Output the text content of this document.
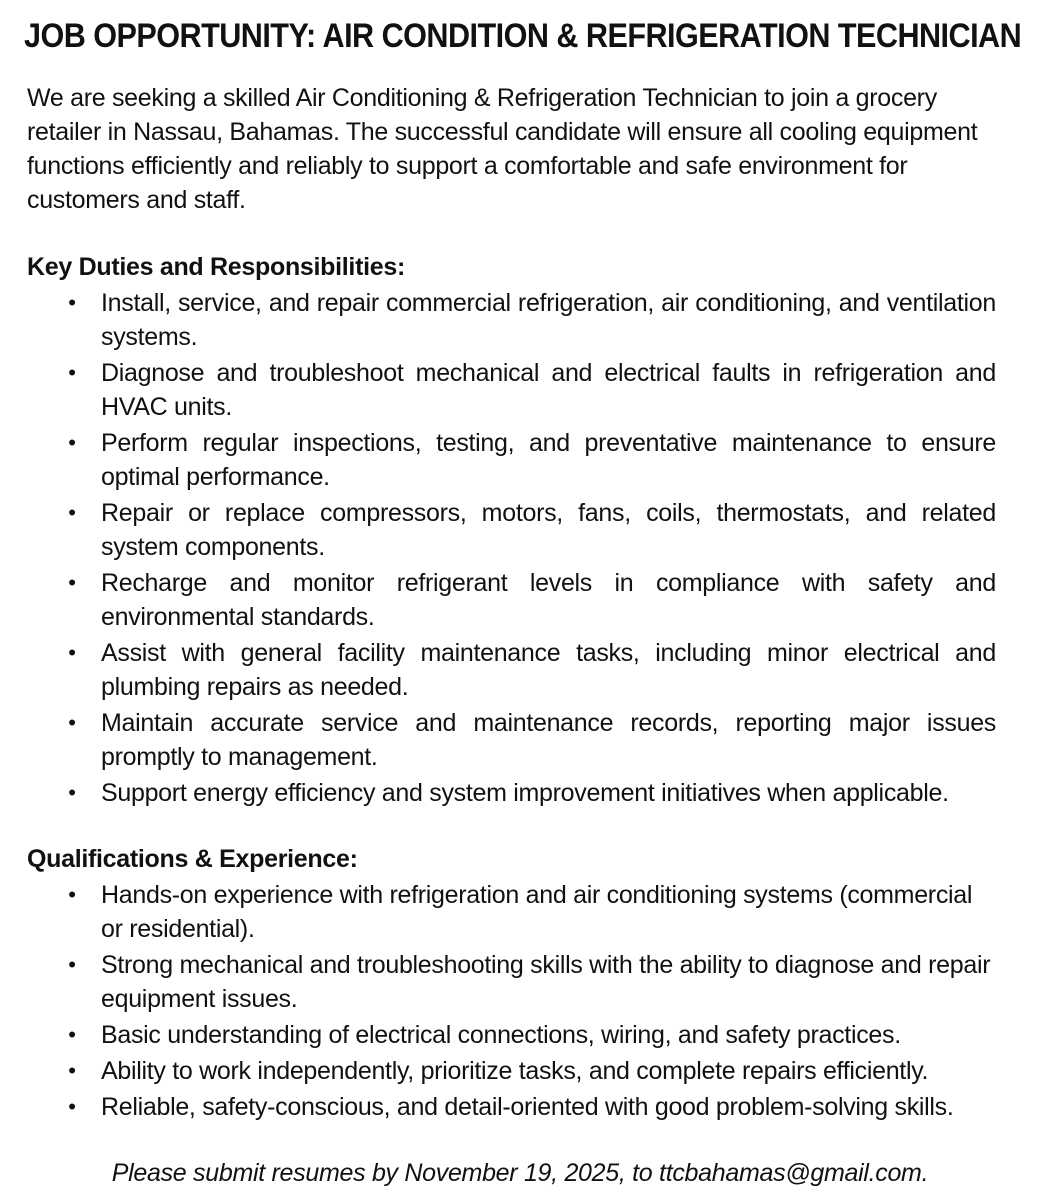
JOB OPPORTUNITY: AIR CONDITION & REFRIGERATION TECHNICIAN

We are seeking a skilled Air Conditioning & Refrigeration Technician to join a grocery retailer in Nassau, Bahamas. The successful candidate will ensure all cooling equipment functions efficiently and reliably to support a comfortable and safe environment for customers and staff.

Key Duties and Responsibilities:
• Install, service, and repair commercial refrigeration, air conditioning, and ventilation systems.
• Diagnose and troubleshoot mechanical and electrical faults in refrigeration and HVAC units.
• Perform regular inspections, testing, and preventative maintenance to ensure optimal performance.
• Repair or replace compressors, motors, fans, coils, thermostats, and related system components.
• Recharge and monitor refrigerant levels in compliance with safety and environmental standards.
• Assist with general facility maintenance tasks, including minor electrical and plumbing repairs as needed.
• Maintain accurate service and maintenance records, reporting major issues promptly to management.
• Support energy efficiency and system improvement initiatives when applicable.
Qualifications & Experience:
• Hands-on experience with refrigeration and air conditioning systems (commercial or residential).
• Strong mechanical and troubleshooting skills with the ability to diagnose and repair equipment issues.
• Basic understanding of electrical connections, wiring, and safety practices.
• Ability to work independently, prioritize tasks, and complete repairs efficiently.
• Reliable, safety-conscious, and detail-oriented with good problem-solving skills.

Please submit resumes by November 19, 2025, to ttcbahamas@gmail.com.
